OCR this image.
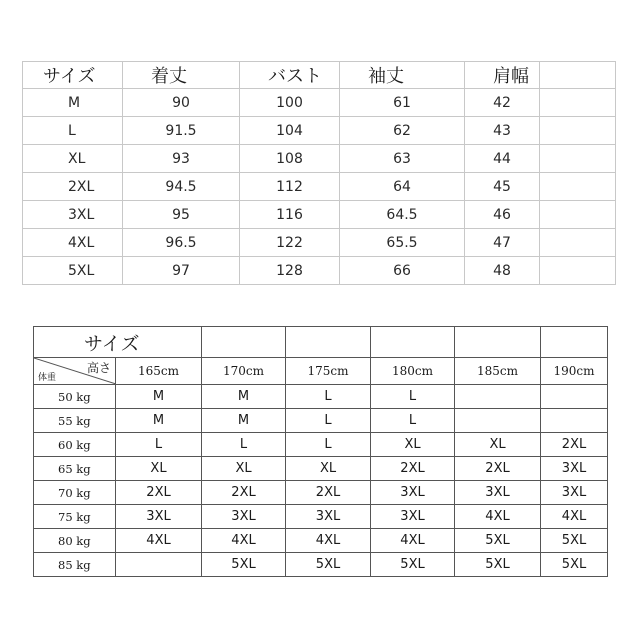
サイズ	着丈	バスト	袖丈	肩幅	
M	90	100	61	42	
L	91.5	104	62	43	
XL	93	108	63	44	
2XL	94.5	112	64	45	
3XL	95	116	64.5	46	
4XL	96.5	122	65.5	47	
5XL	97	128	66	48	
サイズ						

高さ
体重	165cm	170cm	175cm	180cm	185cm	190cm
50 kg	M	M	L	L		
55 kg	M	M	L	L		
60 kg	L	L	L	XL	XL	2XL
65 kg	XL	XL	XL	2XL	2XL	3XL
70 kg	2XL	2XL	2XL	3XL	3XL	3XL
75 kg	3XL	3XL	3XL	3XL	4XL	4XL
80 kg	4XL	4XL	4XL	4XL	5XL	5XL
85 kg		5XL	5XL	5XL	5XL	5XL
